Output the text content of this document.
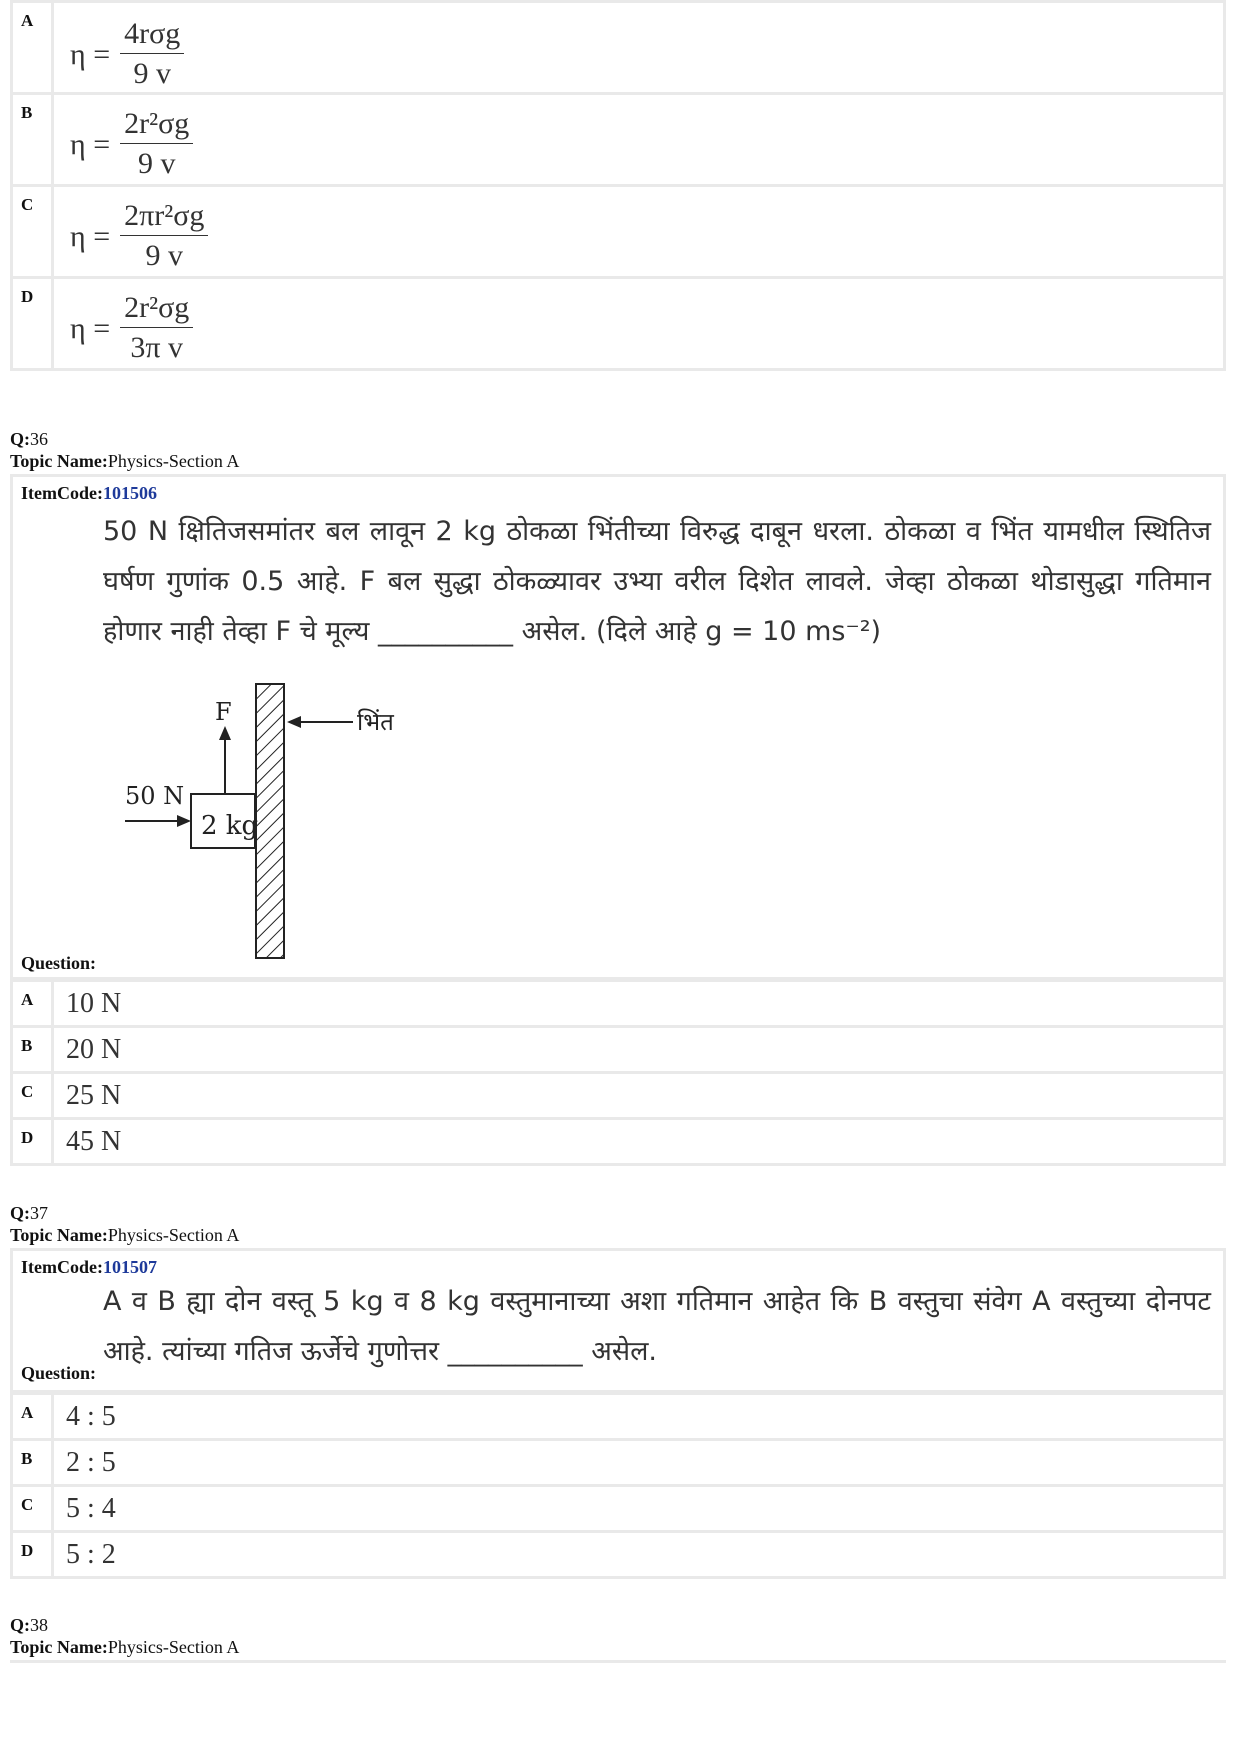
A	$\eta = \frac{\text{4rσg}}{9 v}$

B	$\eta = \frac{\text{2r²σg}}{9 v}$

C	$\eta = \frac{\text{2πr²σg}}{9 v}$

D	$\eta = \frac{\text{2r²σg}}{\text{3π v}}$
Q:36
Topic Name:Physics-Section A
ItemCode:101506
50 N क्षितिजसमांतर बल लावून 2 kg ठोकळा भिंतीच्या विरुद्ध दाबून धरला. ठोकळा व भिंत यामधील स्थितिज घर्षण गुणांक 0.5 आहे. F बल सुद्धा ठोकळ्यावर उभ्या वरील दिशेत लावले. जेव्हा ठोकळा थोडासुद्धा गतिमान होणार नाही तेव्हा F चे मूल्य __________ असेल. (दिले आहे g = 10 ms⁻²)
2 kg
F
50 N
भिंत
Question:
A	10 N
B	20 N
C	25 N
D	45 N
Q:37
Topic Name:Physics-Section A
ItemCode:101507
A व B ह्या दोन वस्तू 5 kg व 8 kg वस्तुमानाच्या अशा गतिमान आहेत कि B वस्तुचा संवेग A वस्तुच्या दोनपट आहे. त्यांच्या गतिज ऊर्जेचे गुणोत्तर __________ असेल.
Question:
A	4 : 5
B	2 : 5
C	5 : 4
D	5 : 2
Q:38
Topic Name:Physics-Section A
